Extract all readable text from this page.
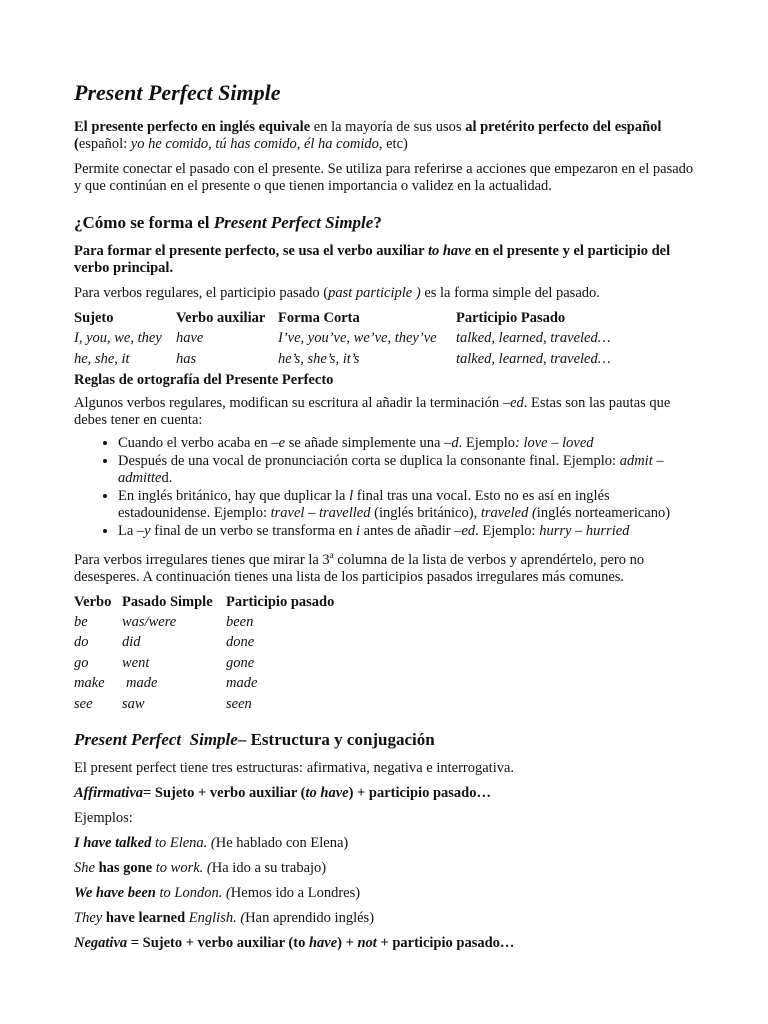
Present Perfect Simple

El presente perfecto en inglés equivale en la mayoría de sus usos al pretérito perfecto del español (español: yo he comido, tú has comido, él ha comido, etc)

Permite conectar el pasado con el presente. Se utiliza para referirse a acciones que empezaron en el pasado y que continúan en el presente o que tienen importancia o validez en la actualidad.

¿Cómo se forma el Present Perfect Simple?

Para formar el presente perfecto, se usa el verbo auxiliar to have en el presente y el participio del verbo principal.

Para verbos regulares, el participio pasado (past participle ) es la forma simple del pasado.

Sujeto	Verbo auxiliar	Forma Corta	Participio Pasado
I, you, we, they	have	I’ve, you’ve, we’ve, they’ve	talked, learned, traveled…
he, she, it	has	he’s, she’s, it’s	talked, learned, traveled…

Reglas de ortografía del Presente Perfecto

Algunos verbos regulares, modifican su escritura al añadir la terminación –ed. Estas son las pautas que debes tener en cuenta:

• Cuando el verbo acaba en –e se añade simplemente una –d. Ejemplo: love – loved
• Después de una vocal de pronunciación corta se duplica la consonante final. Ejemplo: admit – admitted.
• En inglés británico, hay que duplicar la l final tras una vocal. Esto no es así en inglés estadounidense. Ejemplo: travel – travelled (inglés británico), traveled (inglés norteamericano)
• La –y final de un verbo se transforma en i antes de añadir –ed. Ejemplo: hurry – hurried

Para verbos irregulares tienes que mirar la 3$^a$ columna de la lista de verbos y aprendértelo, pero no desesperes. A continuación tienes una lista de los participios pasados irregulares más comunes.

Verbo	Pasado Simple	Participio pasado
be	was/were	been
do	did	done
go	went	gone
make	made	made
see	saw	seen
Present Perfect  Simple– Estructura y conjugación

El present perfect tiene tres estructuras: afirmativa, negativa e interrogativa.

Affirmativa= Sujeto + verbo auxiliar (to have) + participio pasado…

Ejemplos:

I have talked to Elena. (He hablado con Elena)

She has gone to work. (Ha ido a su trabajo)

We have been to London. (Hemos ido a Londres)

They have learned English. (Han aprendido inglés)

Negativa = Sujeto + verbo auxiliar (to have) + not + participio pasado…
